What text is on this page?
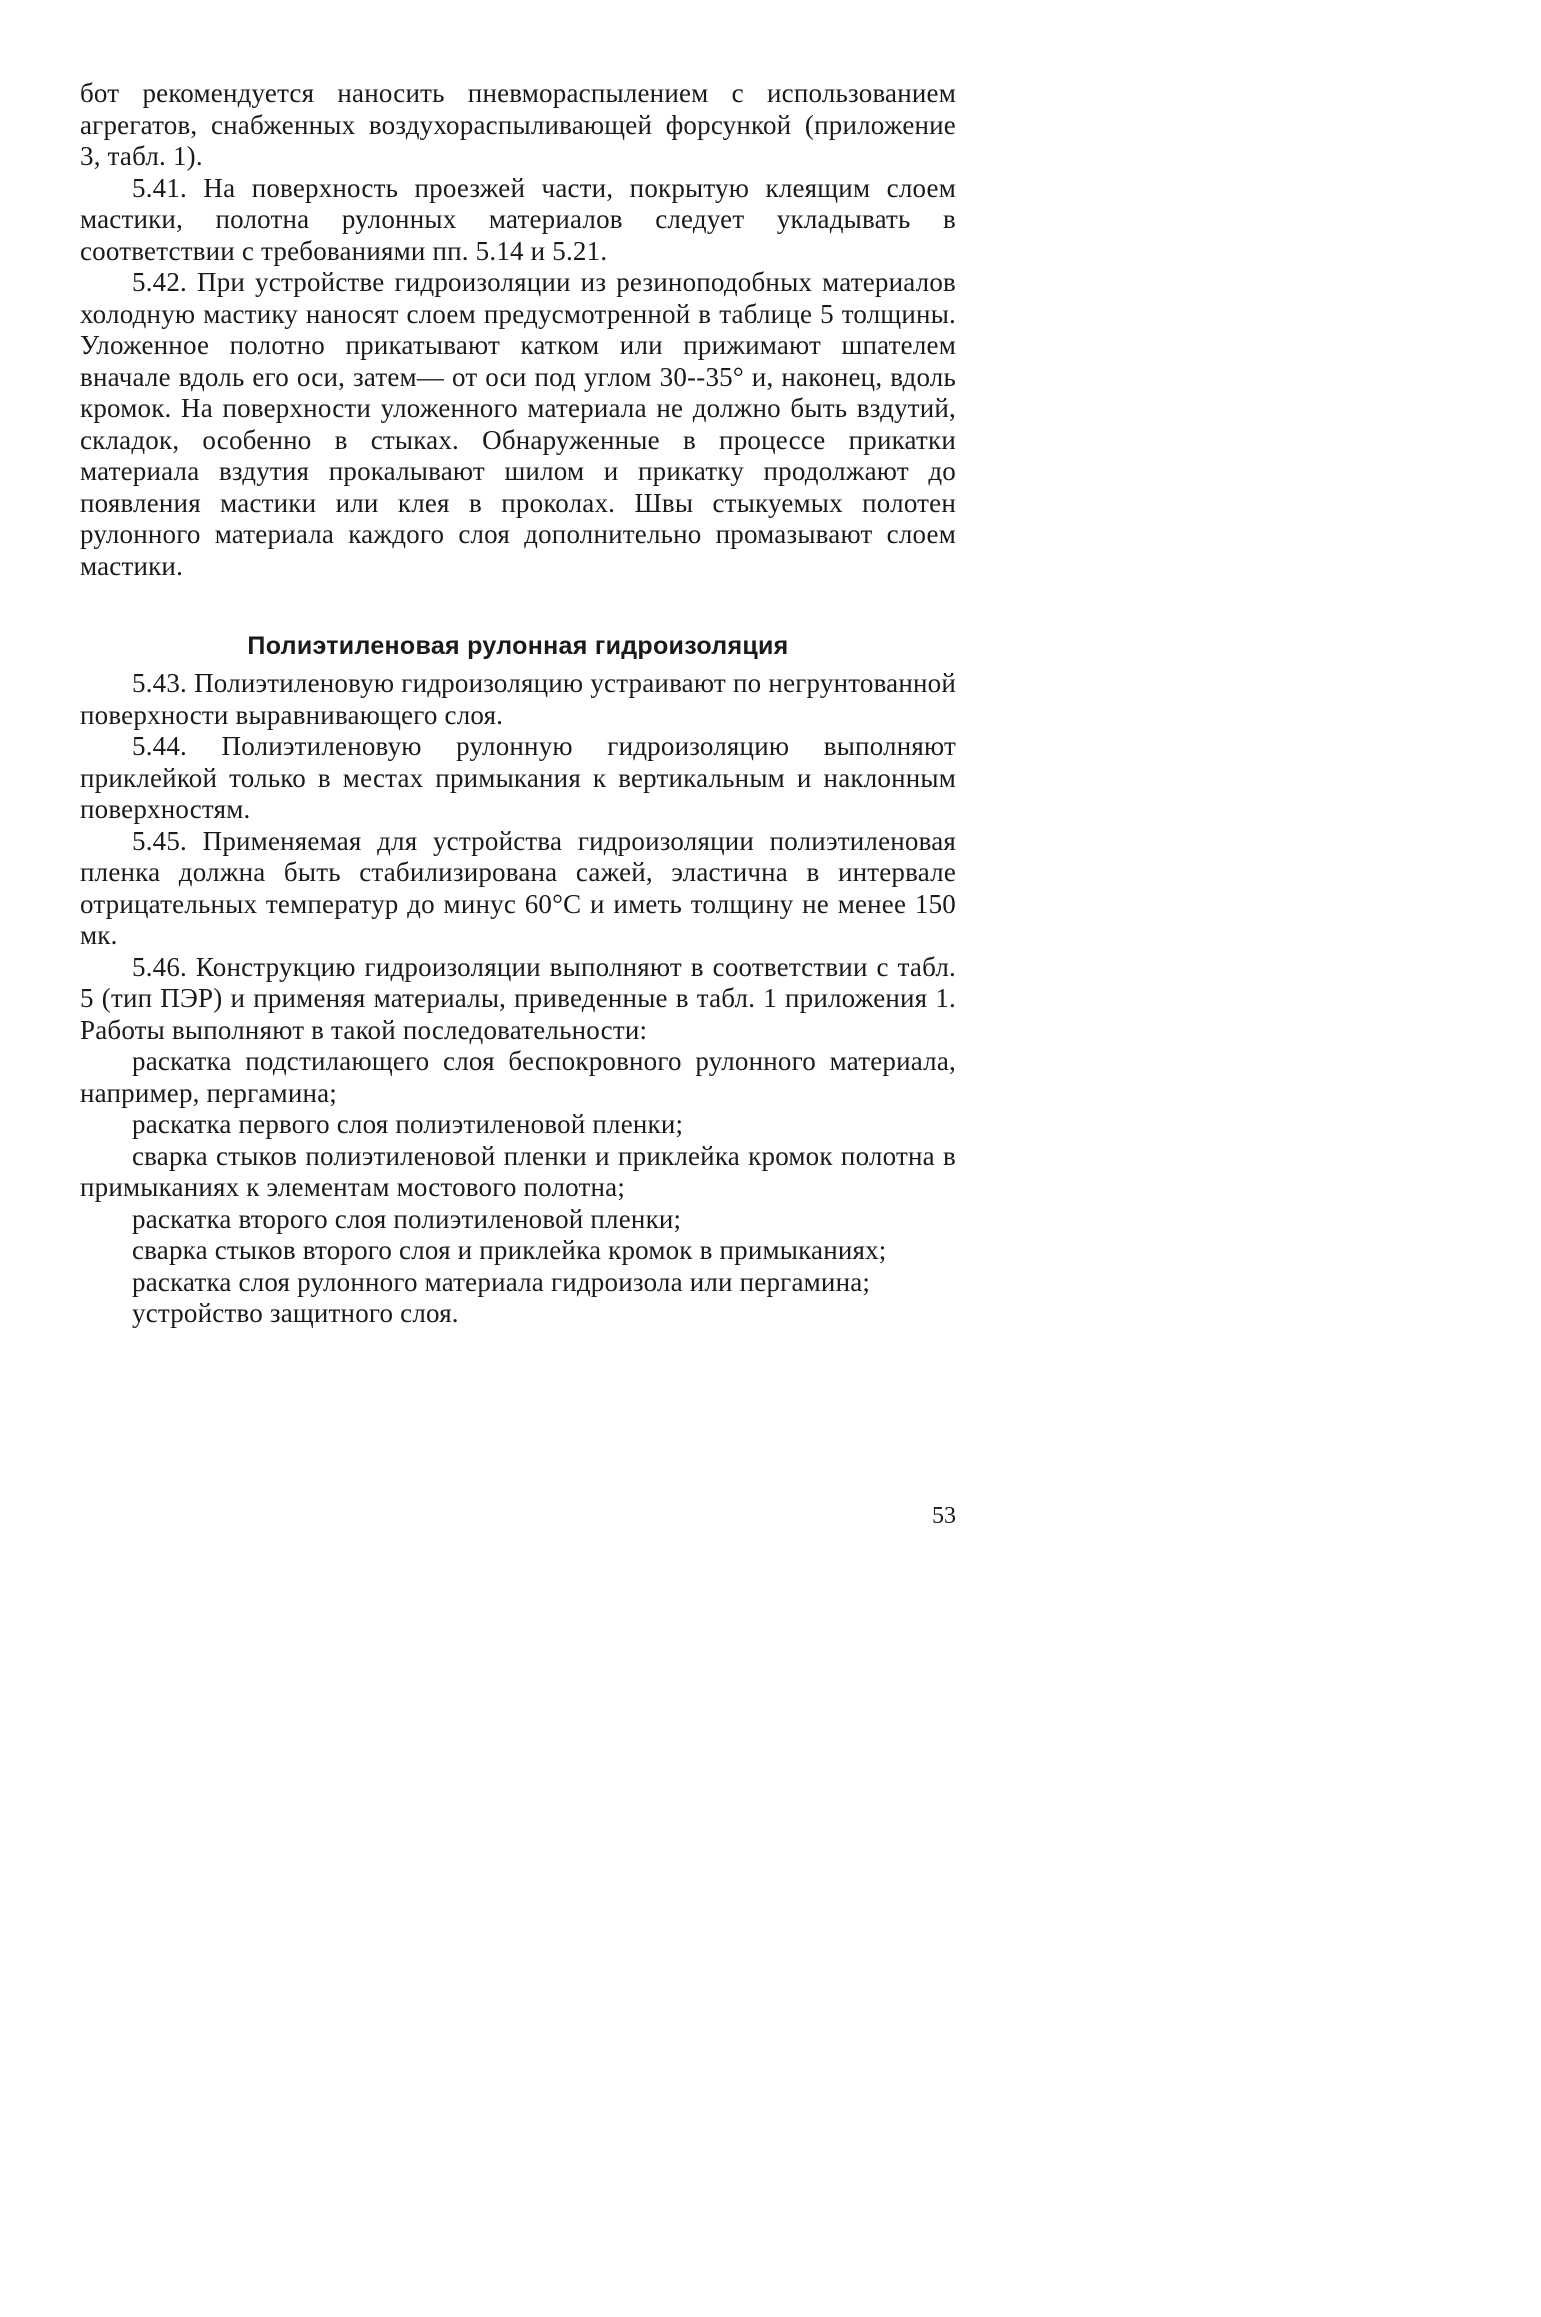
бот рекомендуется наносить пневмораспылением с использованием агрегатов, снабженных воздухораспыливающей форсункой (приложение 3, табл. 1).

5.41. На поверхность проезжей части, покрытую клеящим слоем мастики, полотна рулонных материалов следует укладывать в соответствии с требованиями пп. 5.14 и 5.21.

5.42. При устройстве гидроизоляции из резиноподобных материалов холодную мастику наносят слоем предусмотренной в таблице 5 толщины. Уложенное полотно прикатывают катком или прижимают шпателем вначале вдоль его оси, затем— от оси под углом 30--35° и, наконец, вдоль кромок. На поверхности уложенного материала не должно быть вздутий, складок, особенно в стыках. Обнаруженные в процессе прикатки материала вздутия прокалывают шилом и прикатку продолжают до появления мастики или клея в проколах. Швы стыкуемых полотен рулонного материала каждого слоя дополнительно промазывают слоем мастики.

Полиэтиленовая рулонная гидроизоляция

5.43. Полиэтиленовую гидроизоляцию устраивают по негрунтованной поверхности выравнивающего слоя.

5.44. Полиэтиленовую рулонную гидроизоляцию выполняют приклейкой только в местах примыкания к вертикальным и наклонным поверхностям.

5.45. Применяемая для устройства гидроизоляции полиэтиленовая пленка должна быть стабилизирована сажей, эластична в интервале отрицательных температур до минус 60°С и иметь толщину не менее 150 мк.

5.46. Конструкцию гидроизоляции выполняют в соответствии с табл. 5 (тип ПЭР) и применяя материалы, приведенные в табл. 1 приложения 1. Работы выполняют в такой последовательности:

раскатка подстилающего слоя беспокровного рулонного материала, например, пергамина;

раскатка первого слоя полиэтиленовой пленки;

сварка стыков полиэтиленовой пленки и приклейка кромок полотна в примыканиях к элементам мостового полотна;

раскатка второго слоя полиэтиленовой пленки;

сварка стыков второго слоя и приклейка кромок в примыканиях;

раскатка слоя рулонного материала гидроизола или пергамина;

устройство защитного слоя.

53
